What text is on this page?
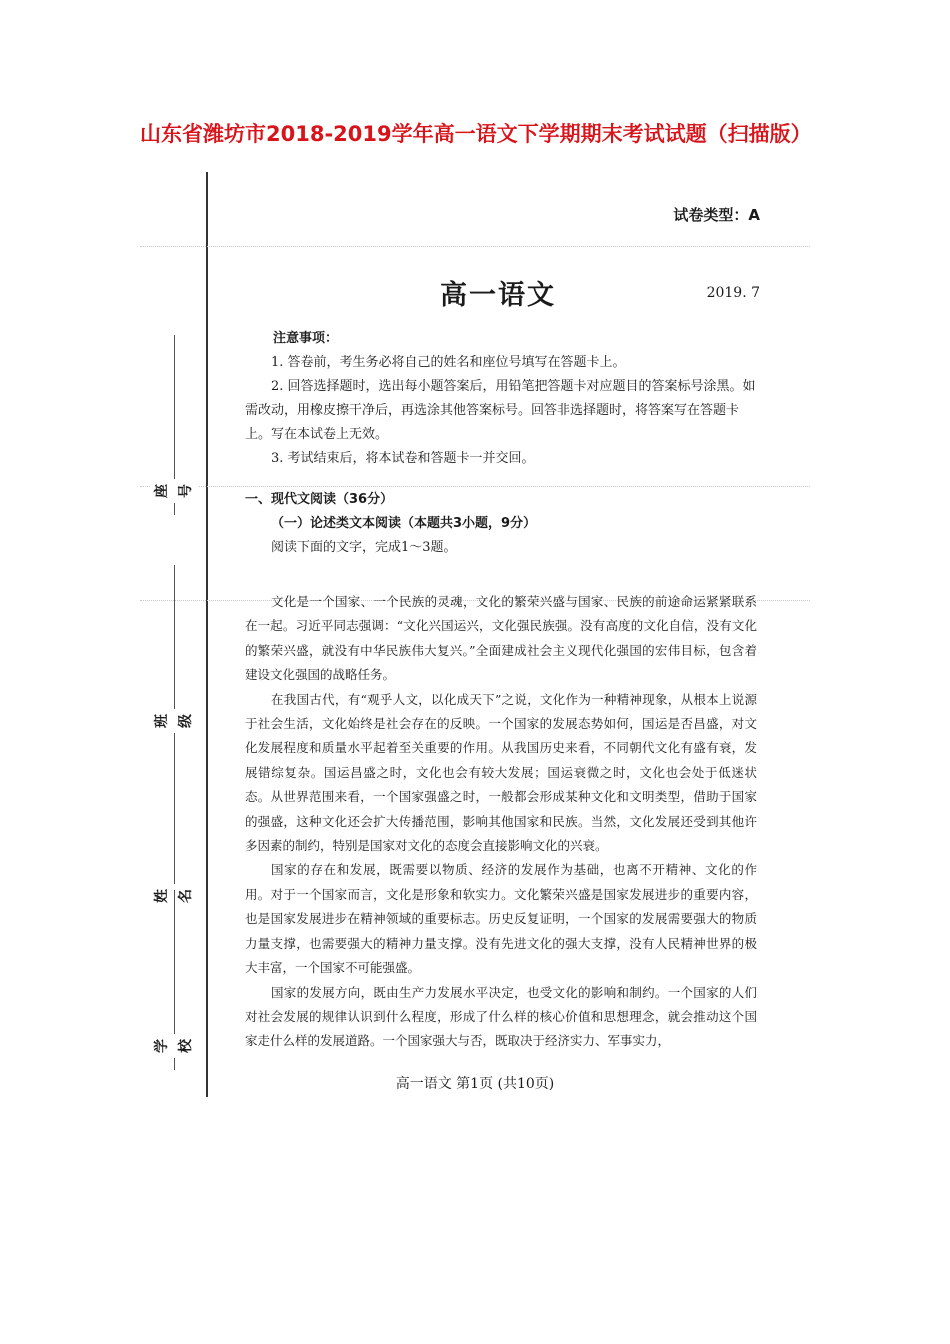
山东省潍坊市2018-2019学年高一语文下学期期末考试试题（扫描版）
座号
班级
姓名
学校
试卷类型：A
高一语文	2019. 7
注意事项：

1. 答卷前，考生务必将自己的姓名和座位号填写在答题卡上。

2. 回答选择题时，选出每小题答案后，用铅笔把答题卡对应题目的答案标号涂黑。如需改动，用橡皮擦干净后，再选涂其他答案标号。回答非选择题时，将答案写在答题卡上。写在本试卷上无效。

3. 考试结束后，将本试卷和答题卡一并交回。

一、现代文阅读（36分）
（一）论述类文本阅读（本题共3小题，9分）
阅读下面的文字，完成1～3题。

文化是一个国家、一个民族的灵魂，文化的繁荣兴盛与国家、民族的前途命运紧紧联系在一起。习近平同志强调：“文化兴国运兴，文化强民族强。没有高度的文化自信，没有文化的繁荣兴盛，就没有中华民族伟大复兴。”全面建成社会主义现代化强国的宏伟目标，包含着建设文化强国的战略任务。

在我国古代，有“观乎人文，以化成天下”之说，文化作为一种精神现象，从根本上说源于社会生活，文化始终是社会存在的反映。一个国家的发展态势如何，国运是否昌盛，对文化发展程度和质量水平起着至关重要的作用。从我国历史来看，不同朝代文化有盛有衰，发展错综复杂。国运昌盛之时，文化也会有较大发展；国运衰微之时，文化也会处于低迷状态。从世界范围来看，一个国家强盛之时，一般都会形成某种文化和文明类型，借助于国家的强盛，这种文化还会扩大传播范围，影响其他国家和民族。当然，文化发展还受到其他许多因素的制约，特别是国家对文化的态度会直接影响文化的兴衰。

国家的存在和发展，既需要以物质、经济的发展作为基础，也离不开精神、文化的作用。对于一个国家而言，文化是形象和软实力。文化繁荣兴盛是国家发展进步的重要内容，也是国家发展进步在精神领域的重要标志。历史反复证明，一个国家的发展需要强大的物质力量支撑，也需要强大的精神力量支撑。没有先进文化的强大支撑，没有人民精神世界的极大丰富，一个国家不可能强盛。

国家的发展方向，既由生产力发展水平决定，也受文化的影响和制约。一个国家的人们对社会发展的规律认识到什么程度，形成了什么样的核心价值和思想理念，就会推动这个国家走什么样的发展道路。一个国家强大与否，既取决于经济实力、军事实力，

高一语文 第1页 (共10页)
